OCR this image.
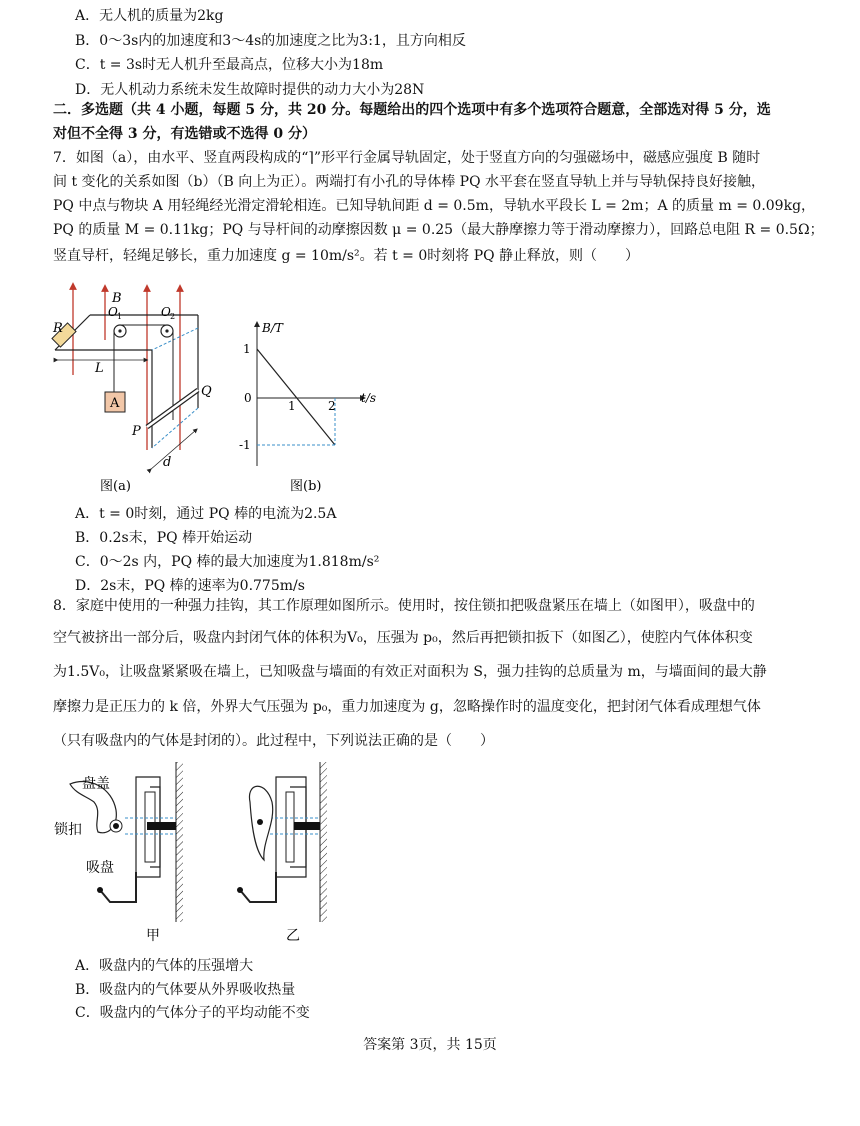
A．无人机的质量为2kg
B．0～3s内的加速度和3～4s的加速度之比为3:1，且方向相反
C．t = 3s时无人机升至最高点，位移大小为18m
D．无人机动力系统未发生故障时提供的动力大小为28N
二．多选题（共 4 小题，每题 5 分，共 20 分。每题给出的四个选项中有多个选项符合题意，全部选对得 5 分，选
对但不全得 3 分，有选错或不选得 0 分）
7．如图（a），由水平、竖直两段构成的“⌉”形平行金属导轨固定，处于竖直方向的匀强磁场中，磁感应强度 B 随时
间 t 变化的关系如图（b）（B 向上为正）。两端打有小孔的导体棒 PQ 水平套在竖直导轨上并与导轨保持良好接触，
PQ 中点与物块 A 用轻绳经光滑定滑轮相连。已知导轨间距 d = 0.5m，导轨水平段长 L = 2m；A 的质量 m = 0.09kg，
PQ 的质量 M = 0.11kg；PQ 与导杆间的动摩擦因数 μ = 0.25（最大静摩擦力等于滑动摩擦力），回路总电阻 R = 0.5Ω；
竖直导杆，轻绳足够长，重力加速度 g = 10m/s²。若 t = 0时刻将 PQ 静止释放，则（　　）
B
R
O 1	O 2
A
L
Q
P
d
图(a)
B/T
t/s
1
0
-1
1	2
图(b)
A．t = 0时刻，通过 PQ 棒的电流为2.5A
B．0.2s末，PQ 棒开始运动
C．0～2s 内，PQ 棒的最大加速度为1.818m/s²
D．2s末，PQ 棒的速率为0.775m/s
8．家庭中使用的一种强力挂钩，其工作原理如图所示。使用时，按住锁扣把吸盘紧压在墙上（如图甲），吸盘中的
空气被挤出一部分后，吸盘内封闭气体的体积为V₀，压强为 p₀，然后再把锁扣扳下（如图乙），使腔内气体体积变
为1.5V₀，让吸盘紧紧吸在墙上，已知吸盘与墙面的有效正对面积为 S，强力挂钩的总质量为 m，与墙面间的最大静
摩擦力是正压力的 k 倍，外界大气压强为 p₀，重力加速度为 g，忽略操作时的温度变化，把封闭气体看成理想气体
（只有吸盘内的气体是封闭的）。此过程中，下列说法正确的是（　　）
盘盖
锁扣
吸盘
甲	乙
A．吸盘内的气体的压强增大
B．吸盘内的气体要从外界吸收热量
C．吸盘内的气体分子的平均动能不变
答案第 3页，共 15页
